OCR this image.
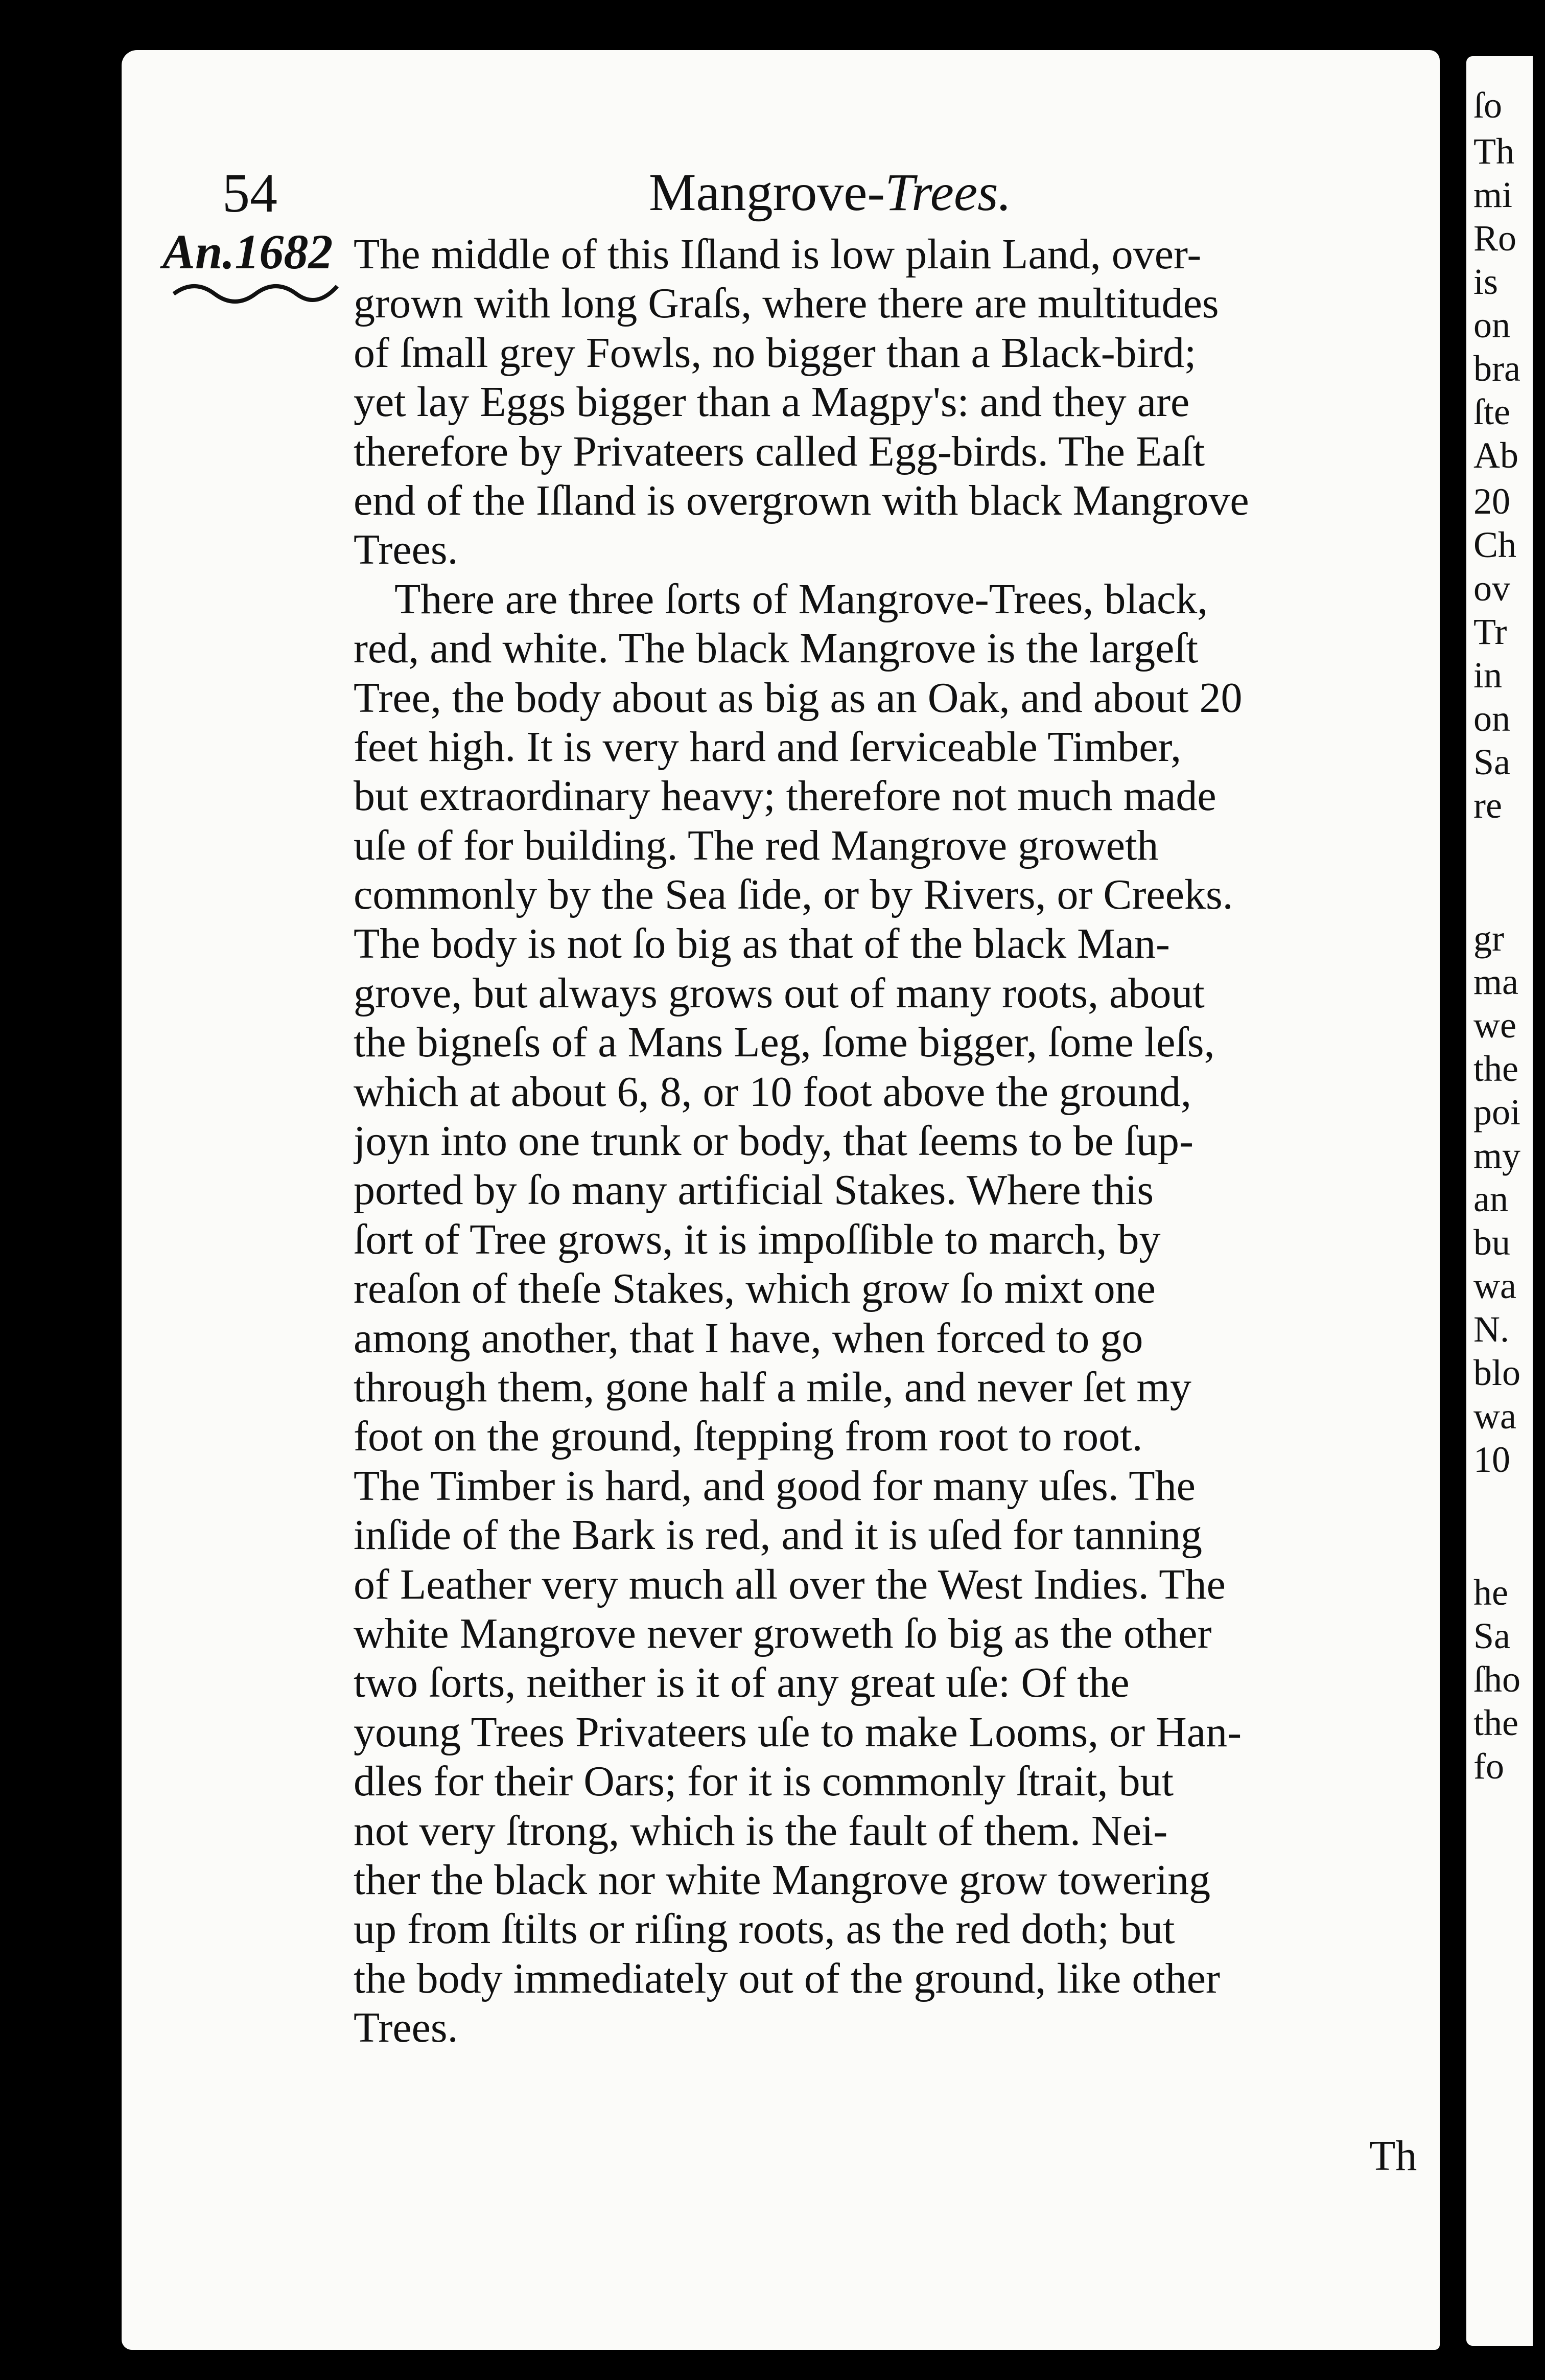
54	Mangrove-Trees.
An.1682 The middle of this Iſland is low plain Land, over-
grown with long Graſs, where there are multitudes
of ſmall grey Fowls, no bigger than a Black-bird;
yet lay Eggs bigger than a Magpy's: and they are
therefore by Privateers called Egg-birds. The Eaſt
end of the Iſland is overgrown with black Mangrove
Trees.
There are three ſorts of Mangrove-Trees, black,
red, and white. The black Mangrove is the largeſt
Tree, the body about as big as an Oak, and about 20
feet high. It is very hard and ſerviceable Timber,
but extraordinary heavy; therefore not much made
uſe of for building. The red Mangrove groweth
commonly by the Sea ſide, or by Rivers, or Creeks.
The body is not ſo big as that of the black Man-
grove, but always grows out of many roots, about
the bigneſs of a Mans Leg, ſome bigger, ſome leſs,
which at about 6, 8, or 10 foot above the ground,
joyn into one trunk or body, that ſeems to be ſup-
ported by ſo many artificial Stakes. Where this
ſort of Tree grows, it is impoſſible to march, by
reaſon of theſe Stakes, which grow ſo mixt one
among another, that I have, when forced to go
through them, gone half a mile, and never ſet my
foot on the ground, ſtepping from root to root.
The Timber is hard, and good for many uſes. The
inſide of the Bark is red, and it is uſed for tanning
of Leather very much all over the West Indies. The
white Mangrove never groweth ſo big as the other
two ſorts, neither is it of any great uſe: Of the
young Trees Privateers uſe to make Looms, or Han-
dles for their Oars; for it is commonly ſtrait, but
not very ſtrong, which is the fault of them. Nei-
ther the black nor white Mangrove grow towering
up from ſtilts or riſing roots, as the red doth; but
the body immediately out of the ground, like other
Trees.
Th
ſo
Th
mi
Ro
is
on
bra
ſte
Ab
20
Ch
ov
Tr
in
on
Sa
re
gr
ma
we
the
poi
my
an
bu
wa
N.
blo
wa
10
he
Sa
ſho
the
fo
